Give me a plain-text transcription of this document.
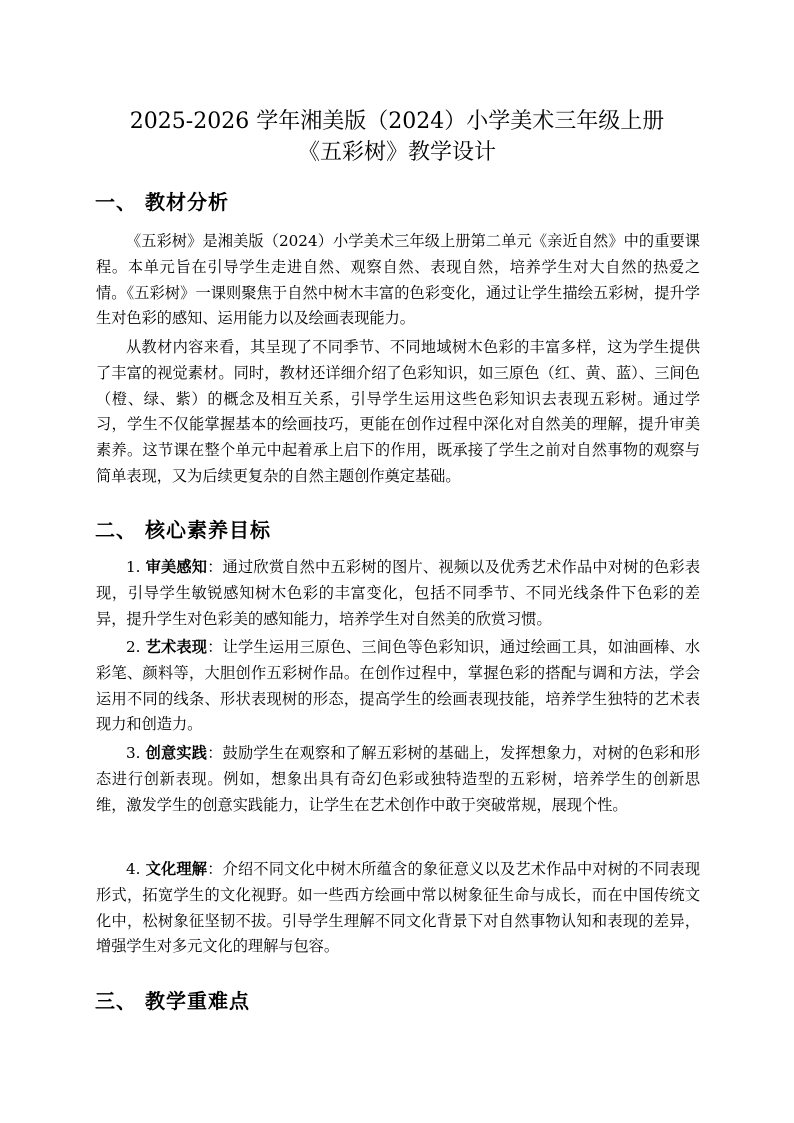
2025-2026 学年湘美版（2024）小学美术三年级上册
《五彩树》教学设计
一、 教材分析

《五彩树》是湘美版（2024）小学美术三年级上册第二单元《亲近自然》中的重要课程。本单元旨在引导学生走进自然、观察自然、表现自然，培养学生对大自然的热爱之情。《五彩树》一课则聚焦于自然中树木丰富的色彩变化，通过让学生描绘五彩树，提升学生对色彩的感知、运用能力以及绘画表现能力。

从教材内容来看，其呈现了不同季节、不同地域树木色彩的丰富多样，这为学生提供了丰富的视觉素材。同时，教材还详细介绍了色彩知识，如三原色（红、黄、蓝）、三间色（橙、绿、紫）的概念及相互关系，引导学生运用这些色彩知识去表现五彩树。通过学习，学生不仅能掌握基本的绘画技巧，更能在创作过程中深化对自然美的理解，提升审美素养。这节课在整个单元中起着承上启下的作用，既承接了学生之前对自然事物的观察与简单表现，又为后续更复杂的自然主题创作奠定基础。

二、 核心素养目标

1. 审美感知：通过欣赏自然中五彩树的图片、视频以及优秀艺术作品中对树的色彩表现，引导学生敏锐感知树木色彩的丰富变化，包括不同季节、不同光线条件下色彩的差异，提升学生对色彩美的感知能力，培养学生对自然美的欣赏习惯。

2. 艺术表现：让学生运用三原色、三间色等色彩知识，通过绘画工具，如油画棒、水彩笔、颜料等，大胆创作五彩树作品。在创作过程中，掌握色彩的搭配与调和方法，学会运用不同的线条、形状表现树的形态，提高学生的绘画表现技能，培养学生独特的艺术表现力和创造力。

3. 创意实践：鼓励学生在观察和了解五彩树的基础上，发挥想象力，对树的色彩和形态进行创新表现。例如，想象出具有奇幻色彩或独特造型的五彩树，培养学生的创新思维，激发学生的创意实践能力，让学生在艺术创作中敢于突破常规，展现个性。

4. 文化理解：介绍不同文化中树木所蕴含的象征意义以及艺术作品中对树的不同表现形式，拓宽学生的文化视野。如一些西方绘画中常以树象征生命与成长，而在中国传统文化中，松树象征坚韧不拔。引导学生理解不同文化背景下对自然事物认知和表现的差异，增强学生对多元文化的理解与包容。

三、 教学重难点
